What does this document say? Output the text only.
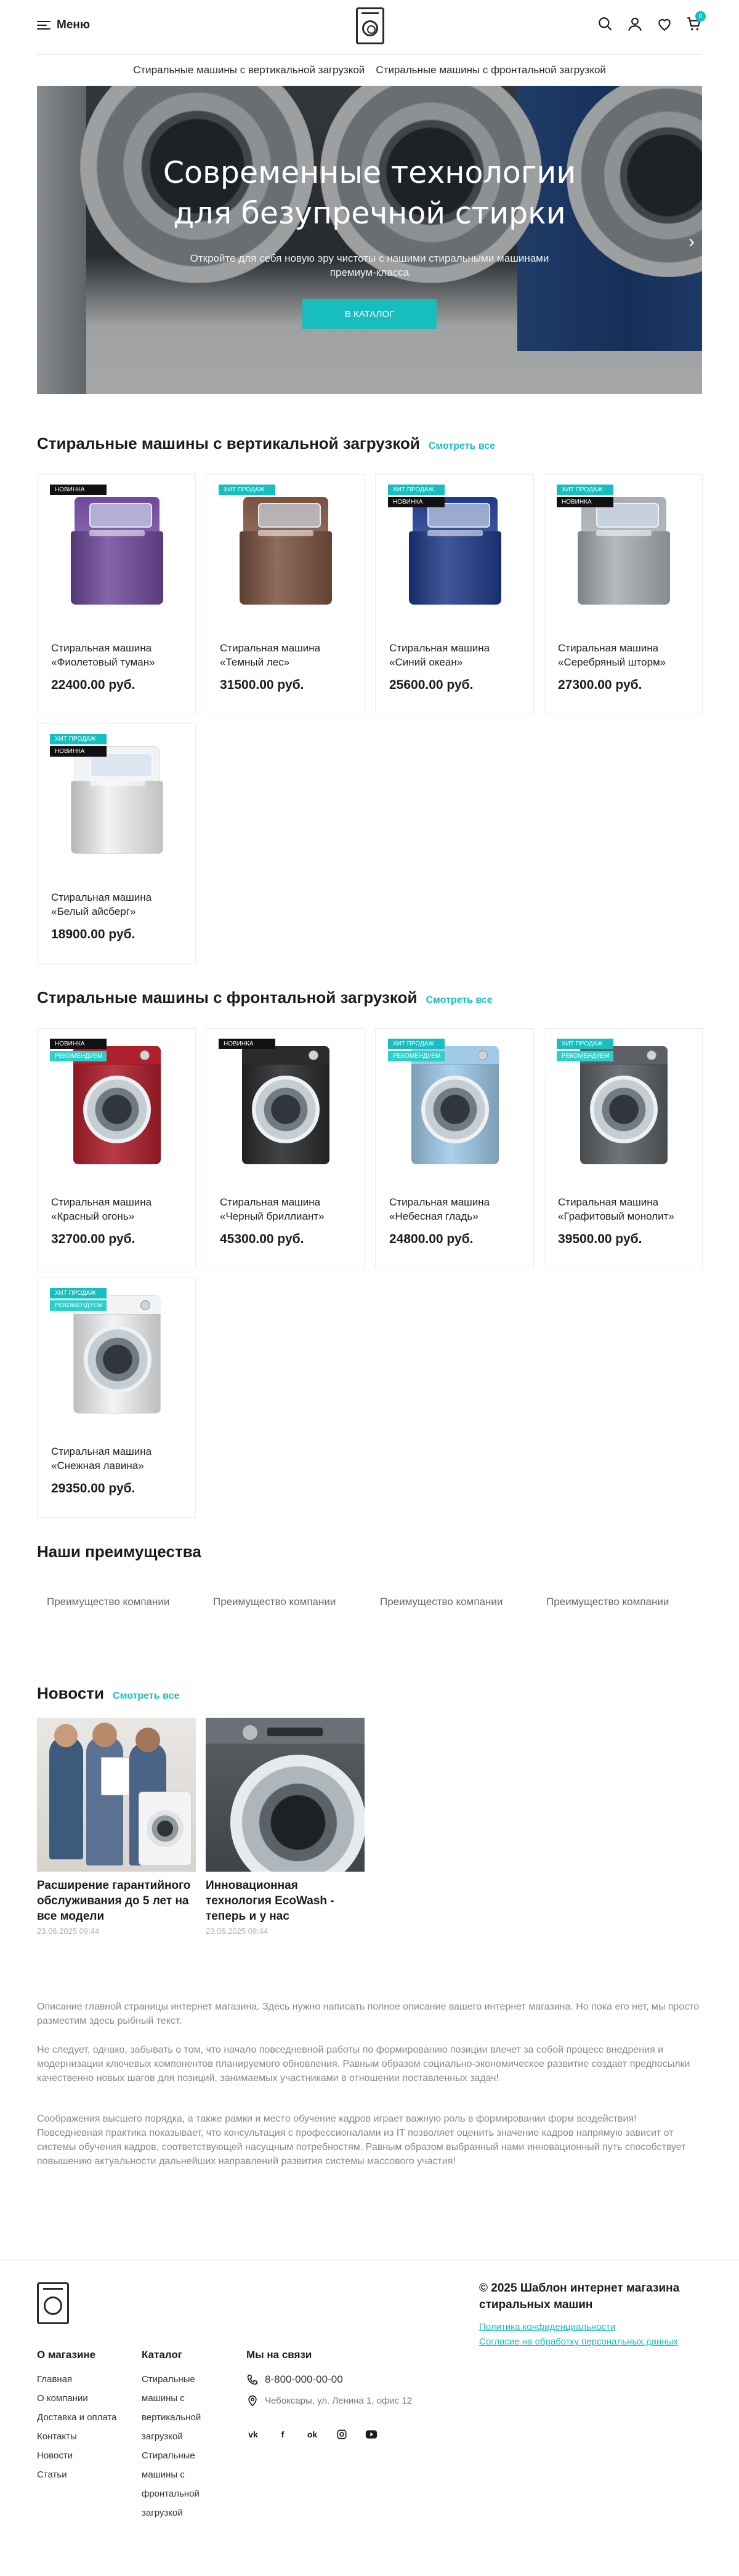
Меню
0
Стиральные машины с вертикальной загрузкой Стиральные машины с фронтальной загрузкой
Современные технологии
для безупречной стирки
Откройте для себя новую эру чистоты с нашими стиральными машинами премиум-класса
В КАТАЛОГ
›
Стиральные машины с вертикальной загрузкой Смотреть все
НОВИНКА
Стиральная машина «Фиолетовый туман»
22400.00 руб.
ХИТ ПРОДАЖ
Стиральная машина «Темный лес»
31500.00 руб.
ХИТ ПРОДАЖ
НОВИНКА
Стиральная машина «Синий океан»
25600.00 руб.
ХИТ ПРОДАЖ
НОВИНКА
Стиральная машина «Серебряный шторм»
27300.00 руб.
ХИТ ПРОДАЖ
НОВИНКА
Стиральная машина «Белый айсберг»
18900.00 руб.
Стиральные машины с фронтальной загрузкой Смотреть все
НОВИНКА
РЕКОМЕНДУЕМ
Стиральная машина «Красный огонь»
32700.00 руб.
НОВИНКА
Стиральная машина «Черный бриллиант»
45300.00 руб.
ХИТ ПРОДАЖ
РЕКОМЕНДУЕМ
Стиральная машина «Небесная гладь»
24800.00 руб.
ХИТ ПРОДАЖ
РЕКОМЕНДУЕМ
Стиральная машина «Графитовый монолит»
39500.00 руб.
ХИТ ПРОДАЖ
РЕКОМЕНДУЕМ
Стиральная машина «Снежная лавина»
29350.00 руб.
Наши преимущества
Преимущество компании	Преимущество компании	Преимущество компании	Преимущество компании
Новости Смотреть все
Расширение гарантийного обслуживания до 5 лет на все модели
23.06.2025 09:44
Инновационная технология EcoWash - теперь и у нас
23.06.2025 09:44
Описание главной страницы интернет магазина. Здесь нужно написать полное описание вашего интернет магазина. Но пока его нет, мы просто разместим здесь рыбный текст.
Не следует, однако, забывать о том, что начало повседневной работы по формированию позиции влечет за собой процесс внедрения и модернизации ключевых компонентов планируемого обновления. Равным образом социально-экономическое развитие создает предпосылки качественно новых шагов для позиций, занимаемых участниками в отношении поставленных задач!
Соображения высшего порядка, а также рамки и место обучение кадров играет важную роль в формировании форм воздействия! Повседневная практика показывает, что консультация с профессионалами из IT позволяет оценить значение кадров напрямую зависит от системы обучения кадров, соответствующей насущным потребностям. Равным образом выбранный нами инновационный путь способствует повышению актуальности дальнейших направлений развития системы массового участия!
О магазине
Главная
О компании
Доставка и оплата
Контакты
Новости
Статьи
Каталог
Стиральные машины с вертикальной загрузкой
Стиральные машины с фронтальной загрузкой
Мы на связи
8-800-000-00-00
Чебоксары, ул. Ленина 1, офис 12
vk	f	ok
© 2025 Шаблон интернет магазина стиральных машин
Политика конфиденциальности
Согласие на обработку персональных данных
